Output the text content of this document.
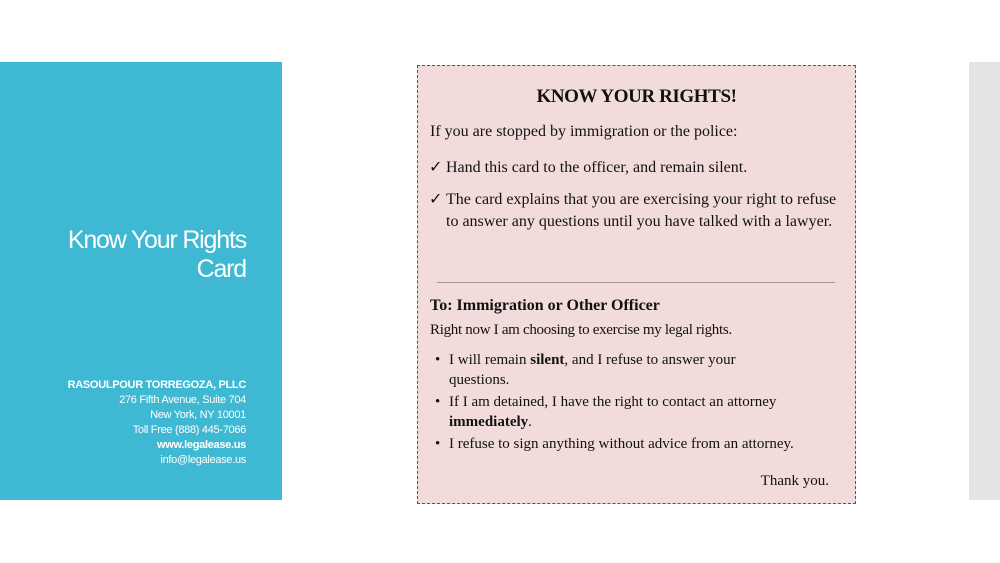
Know Your Rights
Card
RASOULPOUR TORREGOZA, PLLC
276 Fifth Avenue, Suite 704
New York, NY 10001
Toll Free (888) 445-7066
www.legalease.us
info@legalease.us
KNOW YOUR RIGHTS!
If you are stopped by immigration or the police:
✓ Hand this card to the officer, and remain silent.
✓ The card explains that you are exercising your right to refuse to answer any questions until you have talked with a lawyer.
To: Immigration or Other Officer
Right now I am choosing to exercise my legal rights.
• I will remain silent, and I refuse to answer your questions.
• If I am detained, I have the right to contact an attorney immediately.
• I refuse to sign anything without advice from an attorney.
Thank you.
